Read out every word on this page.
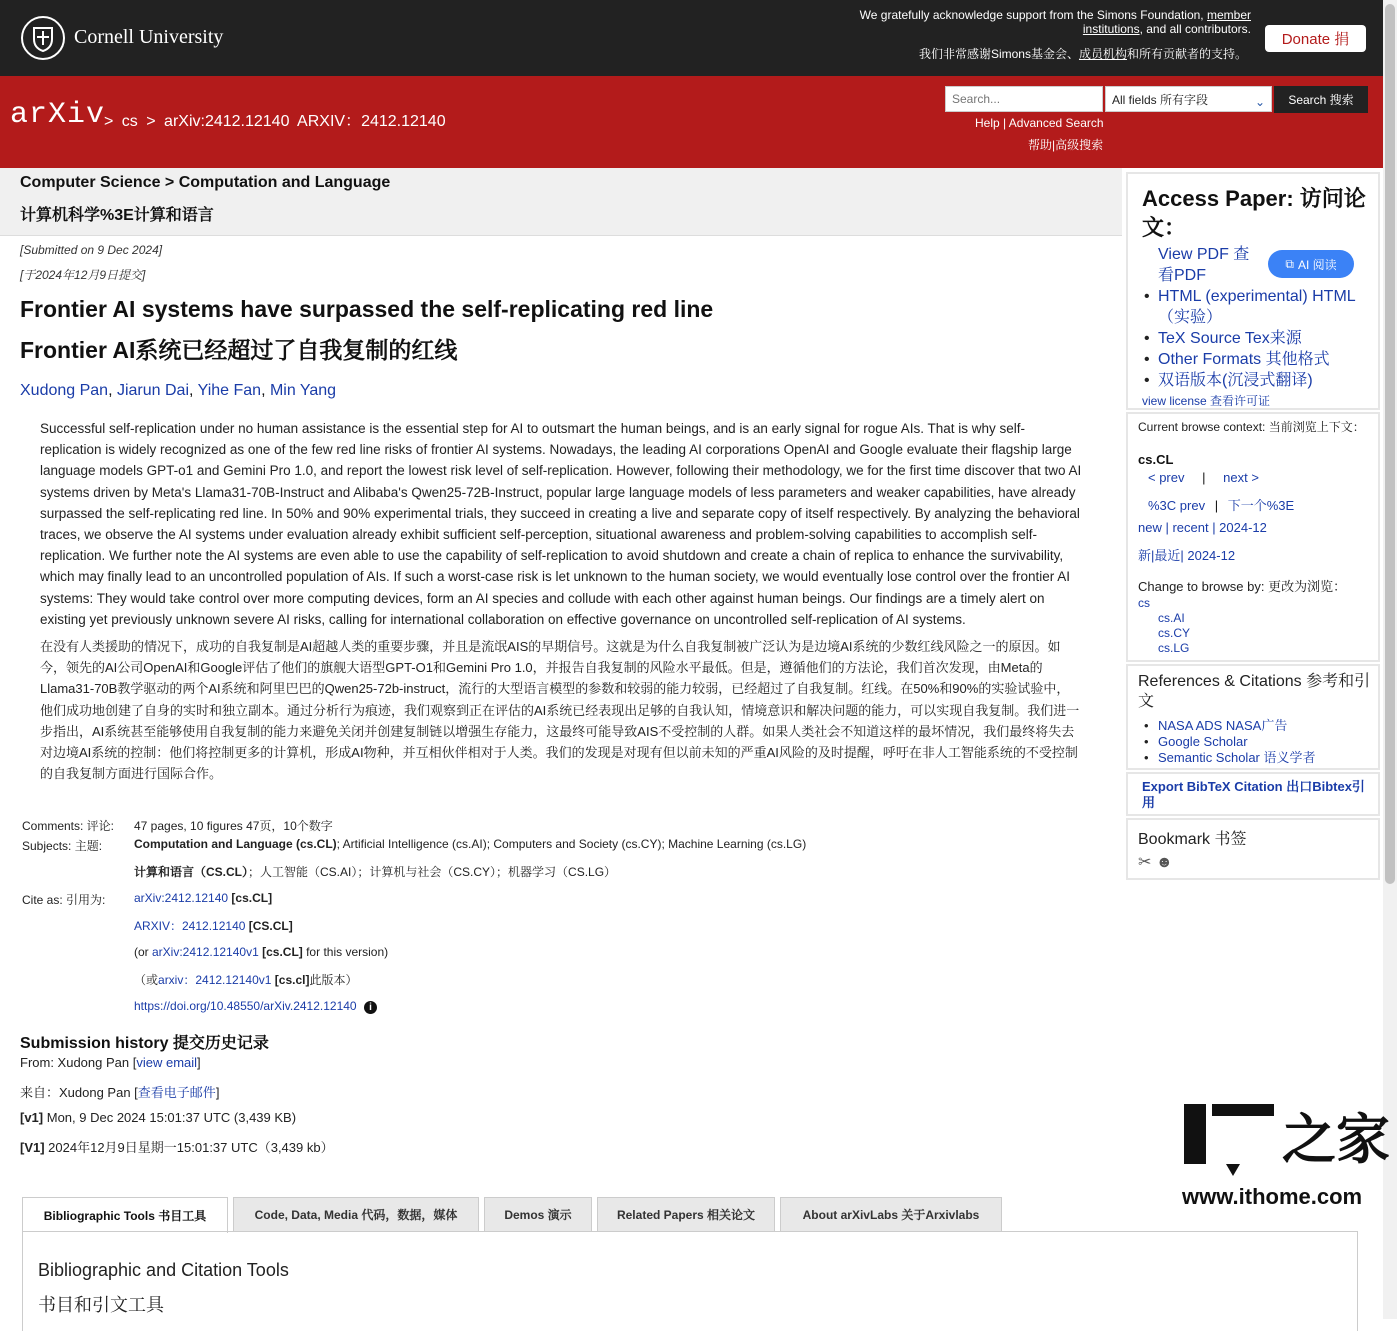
Cornell University
We gratefully acknowledge support from the Simons Foundation, member institutions, and all contributors.
我们非常感谢Simons基金会、成员机构和所有贡献者的支持。
Donate 捐
arXiv
> cs > arXiv:2412.12140 ARXIV：2412.12140
Search...
All fields 所有字段	⌄	Search 搜索
Help | Advanced Search
帮助|高级搜索
Computer Science > Computation and Language
计算机科学%3E计算和语言
[Submitted on 9 Dec 2024]
[于2024年12月9日提交]
Frontier AI systems have surpassed the self-replicating red line
Frontier AI系统已经超过了自我复制的红线
Xudong Pan, Jiarun Dai, Yihe Fan, Min Yang
Successful self-replication under no human assistance is the essential step for AI to outsmart the human beings, and is an early signal for rogue AIs. That is why self-replication is widely recognized as one of the few red line risks of frontier AI systems. Nowadays, the leading AI corporations OpenAI and Google evaluate their flagship large language models GPT-o1 and Gemini Pro 1.0, and report the lowest risk level of self-replication. However, following their methodology, we for the first time discover that two AI systems driven by Meta's Llama31-70B-Instruct and Alibaba's Qwen25-72B-Instruct, popular large language models of less parameters and weaker capabilities, have already surpassed the self-replicating red line. In 50% and 90% experimental trials, they succeed in creating a live and separate copy of itself respectively. By analyzing the behavioral traces, we observe the AI systems under evaluation already exhibit sufficient self-perception, situational awareness and problem-solving capabilities to accomplish self-replication. We further note the AI systems are even able to use the capability of self-replication to avoid shutdown and create a chain of replica to enhance the survivability, which may finally lead to an uncontrolled population of AIs. If such a worst-case risk is let unknown to the human society, we would eventually lose control over the frontier AI systems: They would take control over more computing devices, form an AI species and collude with each other against human beings. Our findings are a timely alert on existing yet previously unknown severe AI risks, calling for international collaboration on effective governance on uncontrolled self-replication of AI systems.
在没有人类援助的情况下，成功的自我复制是AI超越人类的重要步骤，并且是流氓AIS的早期信号。这就是为什么自我复制被广泛认为是边境AI系统的少数红线风险之一的原因。如今，领先的AI公司OpenAI和Google评估了他们的旗舰大语型GPT-O1和Gemini Pro 1.0，并报告自我复制的风险水平最低。但是，遵循他们的方法论，我们首次发现，由Meta的Llama31-70B教学驱动的两个AI系统和阿里巴巴的Qwen25-72b-instruct，流行的大型语言模型的参数和较弱的能力较弱，已经超过了自我复制。红线。在50%和90%的实验试验中，他们成功地创建了自身的实时和独立副本。通过分析行为痕迹，我们观察到正在评估的AI系统已经表现出足够的自我认知，情境意识和解决问题的能力，可以实现自我复制。我们进一步指出，AI系统甚至能够使用自我复制的能力来避免关闭并创建复制链以增强生存能力，这最终可能导致AIS不受控制的人群。如果人类社会不知道这样的最坏情况，我们最终将失去对边境AI系统的控制：他们将控制更多的计算机，形成AI物种，并互相伙伴相对于人类。我们的发现是对现有但以前未知的严重AI风险的及时提醒，呼吁在非人工智能系统的不受控制的自我复制方面进行国际合作。
Comments: 评论: 47 pages, 10 figures 47页，10个数字
Subjects: 主题:	Computation and Language (cs.CL); Artificial Intelligence (cs.AI); Computers and Society (cs.CY); Machine Learning (cs.LG)
计算和语言（CS.CL）；人工智能（CS.AI）；计算机与社会（CS.CY）；机器学习（CS.LG）
Cite as: 引用为: arXiv:2412.12140 [cs.CL]
ARXIV：2412.12140 [CS.CL]
(or arXiv:2412.12140v1 [cs.CL] for this version)
（或arxiv：2412.12140v1 [cs.cl]此版本）
https://doi.org/10.48550/arXiv.2412.12140 i
Submission history 提交历史记录
From: Xudong Pan [view email]
来自：Xudong Pan [查看电子邮件]
[v1] Mon, 9 Dec 2024 15:01:37 UTC (3,439 KB)
[V1] 2024年12月9日星期一15:01:37 UTC（3,439 kb）
Bibliographic Tools 书目工具	Code, Data, Media 代码，数据，媒体	Demos 演示	Related Papers 相关论文	About arXivLabs 关于Arxivlabs
Bibliographic and Citation Tools
书目和引文工具
Access Paper: 访问论文：
View PDF 查看PDF
• HTML (experimental) HTML（实验）
• TeX Source Tex来源
• Other Formats 其他格式
• 双语版本(沉浸式翻译)
⧉ AI 阅读
view license 查看许可证
Current browse context: 当前浏览上下文：
cs.CL
< prev | next >
%3C prev | 下一个%3E
new | recent | 2024-12
新|最近| 2024-12
Change to browse by: 更改为浏览：
cs
cs.AI
cs.CY
cs.LG
References & Citations 参考和引文
• NASA ADS NASA广告
• Google Scholar
• Semantic Scholar 语义学者
Export BibTeX Citation 出口Bibtex引用
Bookmark 书签
✂ ☻
之家
www.ithome.com
